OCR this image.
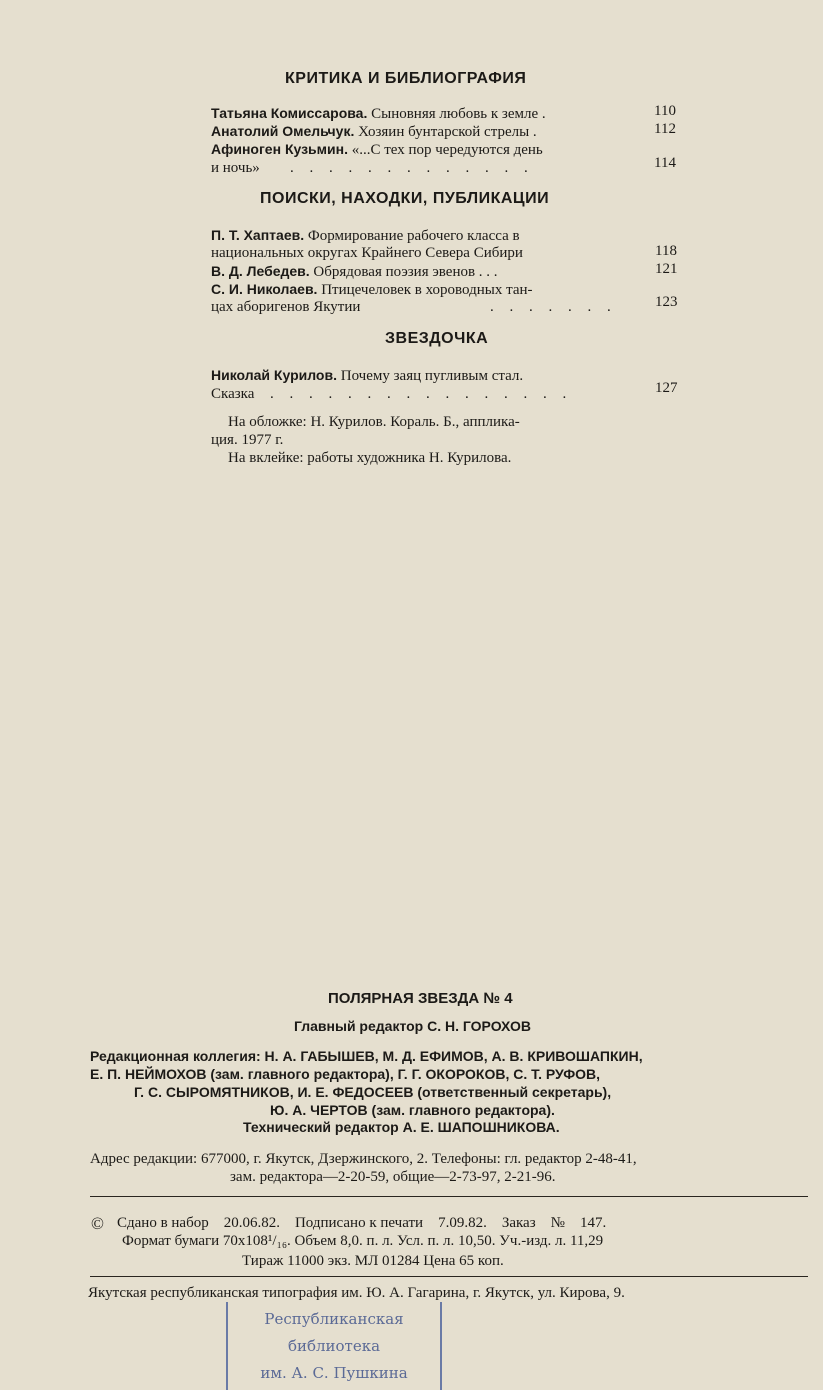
КРИТИКА И БИБЛИОГРАФИЯ
Татьяна Комиссарова. Сыновняя любовь к земле .	110
Анатолий Омельчук. Хозяин бунтарской стрелы .	112
Афиноген Кузьмин. «...С тех пор чередуются день
и ночь» . . . . . . . . . . . . .	114
ПОИСКИ, НАХОДКИ, ПУБЛИКАЦИИ
П. Т. Хаптаев. Формирование рабочего класса в
национальных округах Крайнего Севера Сибири	118
В. Д. Лебедев. Обрядовая поэзия эвенов . . .	121
С. И. Николаев. Птицечеловек в хороводных тан-
цах аборигенов Якутии	. . . . . . .	123
ЗВЕЗДОЧКА
Николай Курилов. Почему заяц пугливым стал.
Сказка . . . . . . . . . . . . . . . .	127
На обложке: Н. Курилов. Кораль. Б., апплика-
ция. 1977 г.
На вклейке: работы художника Н. Курилова.
ПОЛЯРНАЯ ЗВЕЗДА № 4
Главный редактор С. Н. ГОРОХОВ
Редакционная коллегия: Н. А. ГАБЫШЕВ, М. Д. ЕФИМОВ, А. В. КРИВОШАПКИН,
Е. П. НЕЙМОХОВ (зам. главного редактора), Г. Г. ОКОРОКОВ, С. Т. РУФОВ,
Г. С. СЫРОМЯТНИКОВ, И. Е. ФЕДОСЕЕВ (ответственный секретарь),
Ю. А. ЧЕРТОВ (зам. главного редактора).
Технический редактор А. Е. ШАПОШНИКОВА.
Адрес редакции: 677000, г. Якутск, Дзержинского, 2. Телефоны: гл. редактор 2-48-41,
зам. редактора—2-20-59, общие—2-73-97, 2-21-96.
© Сдано в набор    20.06.82.    Подписано к печати    7.09.82.    Заказ    №    147.
Формат бумаги 70x108¹/₁₆. Объем 8,0. п. л. Усл. п. л. 10,50. Уч.-изд. л. 11,29
Тираж 11000 экз. МЛ 01284 Цена 65 коп.
Якутская республиканская типография им. Ю. А. Гагарина, г. Якутск, ул. Кирова, 9.
Республиканская
библиотека
им. А. С. Пушкина
